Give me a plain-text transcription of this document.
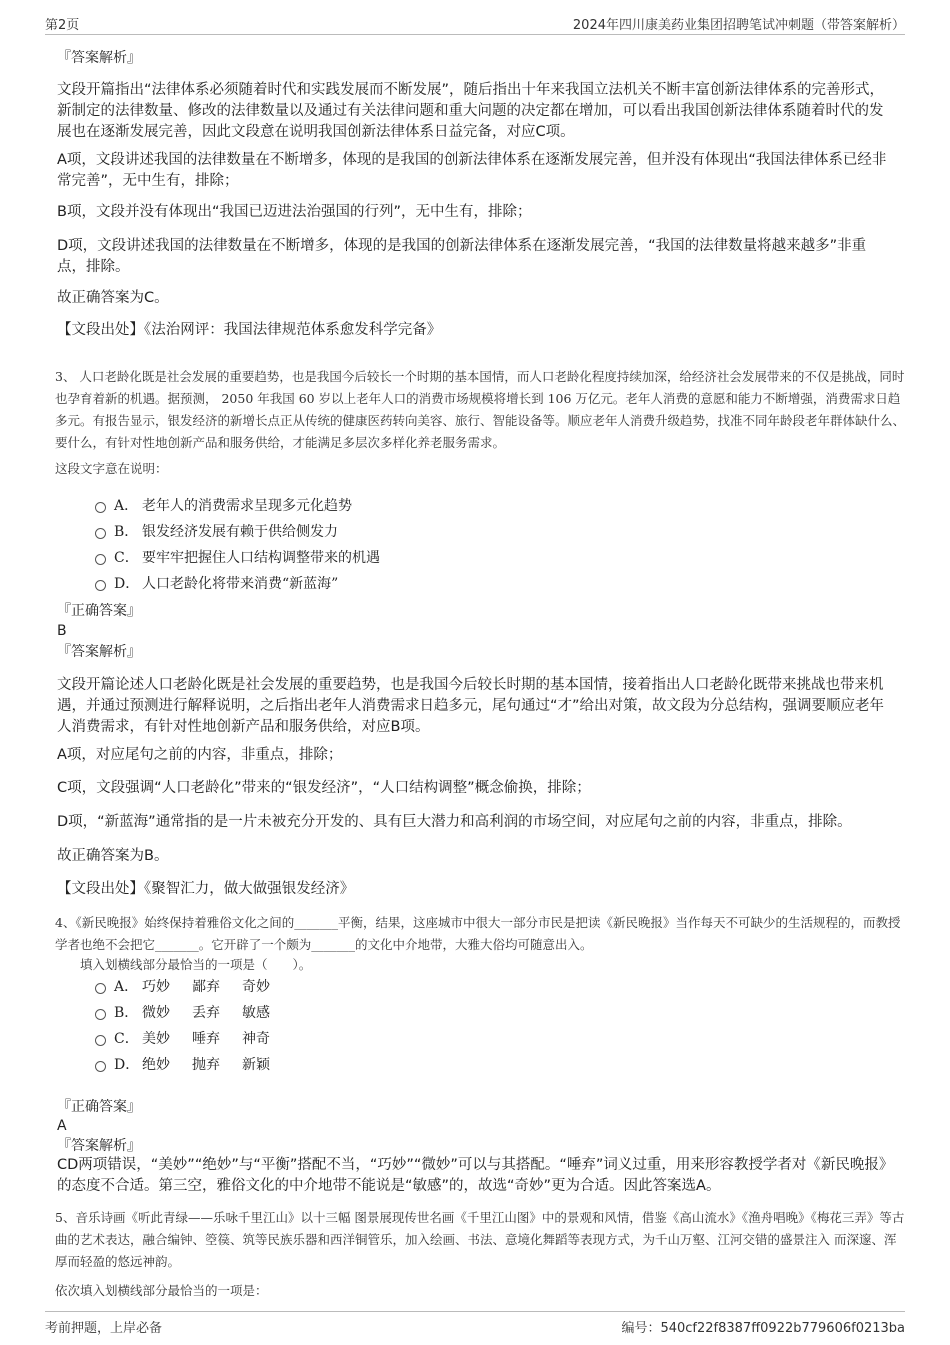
第2页	2024年四川康美药业集团招聘笔试冲刺题（带答案解析）
『答案解析』
文段开篇指出“法律体系必须随着时代和实践发展而不断发展”，随后指出十年来我国立法机关不断丰富创新法律体系的完善形式，新制定的法律数量、修改的法律数量以及通过有关法律问题和重大问题的决定都在增加，可以看出我国创新法律体系随着时代的发展也在逐渐发展完善，因此文段意在说明我国创新法律体系日益完备，对应C项。
A项，文段讲述我国的法律数量在不断增多，体现的是我国的创新法律体系在逐渐发展完善，但并没有体现出“我国法律体系已经非常完善”，无中生有，排除；
B项，文段并没有体现出“我国已迈进法治强国的行列”，无中生有，排除；
D项，文段讲述我国的法律数量在不断增多，体现的是我国的创新法律体系在逐渐发展完善，“我国的法律数量将越来越多”非重点，排除。
故正确答案为C。
【文段出处】《法治网评：我国法律规范体系愈发科学完备》
3、 人口老龄化既是社会发展的重要趋势，也是我国今后较长一个时期的基本国情，而人口老龄化程度持续加深，给经济社会发展带来的不仅是挑战，同时也孕育着新的机遇。据预测， 2050 年我国 60 岁以上老年人口的消费市场规模将增长到 106 万亿元。老年人消费的意愿和能力不断增强，消费需求日趋多元。有报告显示，银发经济的新增长点正从传统的健康医药转向美容、旅行、智能设备等。顺应老年人消费升级趋势，找准不同年龄段老年群体缺什么、要什么，有针对性地创新产品和服务供给，才能满足多层次多样化养老服务需求。
这段文字意在说明：
A． 老年人的消费需求呈现多元化趋势
B． 银发经济发展有赖于供给侧发力
C． 要牢牢把握住人口结构调整带来的机遇
D． 人口老龄化将带来消费“新蓝海”
『正确答案』
B
『答案解析』
文段开篇论述人口老龄化既是社会发展的重要趋势，也是我国今后较长时期的基本国情，接着指出人口老龄化既带来挑战也带来机遇，并通过预测进行解释说明，之后指出老年人消费需求日趋多元，尾句通过“才”给出对策，故文段为分总结构，强调要顺应老年人消费需求，有针对性地创新产品和服务供给，对应B项。
A项，对应尾句之前的内容，非重点，排除；
C项，文段强调“人口老龄化”带来的“银发经济”，“人口结构调整”概念偷换，排除；
D项，“新蓝海”通常指的是一片未被充分开发的、具有巨大潜力和高利润的市场空间，对应尾句之前的内容，非重点，排除。
故正确答案为B。
【文段出处】《聚智汇力，做大做强银发经济》
4、《新民晚报》始终保持着雅俗文化之间的_______平衡，结果，这座城市中很大一部分市民是把读《新民晚报》当作每天不可缺少的生活规程的，而教授学者也绝不会把它_______。它开辟了一个颇为_______的文化中介地带，大雅大俗均可随意出入。
填入划横线部分最恰当的一项是（　　）。
A． 巧妙 鄙弃 奇妙
B． 微妙 丢弃 敏感
C． 美妙 唾弃 神奇
D． 绝妙 抛弃 新颖
『正确答案』
A
『答案解析』
CD两项错误，“美妙”“绝妙”与“平衡”搭配不当，“巧妙”“微妙”可以与其搭配。“唾弃”词义过重，用来形容教授学者对《新民晚报》的态度不合适。第三空，雅俗文化的中介地带不能说是“敏感”的，故选“奇妙”更为合适。因此答案选A。
5、音乐诗画《听此青绿——乐咏千里江山》以十三幅 图景展现传世名画《千里江山图》中的景观和风情，借鉴《高山流水》《渔舟唱晚》《梅花三弄》等古曲的艺术表达，融合编钟、箜篌、筑等民族乐器和西洋铜管乐，加入绘画、书法、意境化舞蹈等表现方式，为千山万壑、江河交错的盛景注入 而深邃、浑厚而轻盈的悠远神韵。
依次填入划横线部分最恰当的一项是：
考前押题，上岸必备	编号：540cf22f8387ff0922b779606f0213ba
